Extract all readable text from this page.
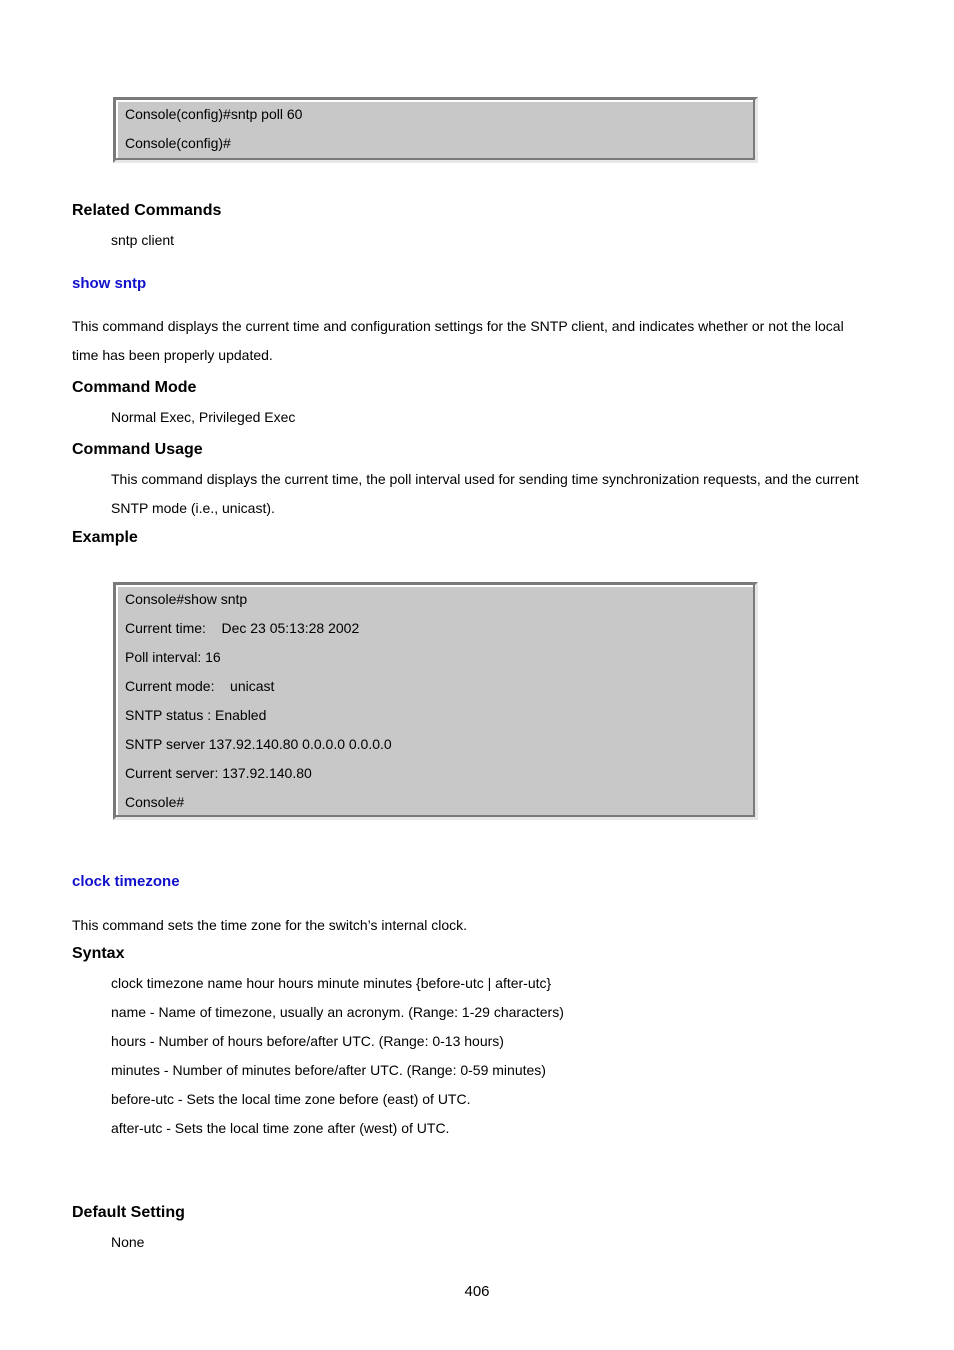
Console(config)#sntp poll 60
Console(config)#
Related Commands
sntp client
show sntp
This command displays the current time and configuration settings for the SNTP client, and indicates whether or not the local
time has been properly updated.
Command Mode
Normal Exec, Privileged Exec
Command Usage
This command displays the current time, the poll interval used for sending time synchronization requests, and the current
SNTP mode (i.e., unicast).
Example
Console#show sntp
Current time:    Dec 23 05:13:28 2002
Poll interval: 16
Current mode:    unicast
SNTP status : Enabled
SNTP server 137.92.140.80 0.0.0.0 0.0.0.0
Current server: 137.92.140.80
Console#
clock timezone
This command sets the time zone for the switch’s internal clock.
Syntax
clock timezone name hour hours minute minutes {before-utc | after-utc}
name - Name of timezone, usually an acronym. (Range: 1-29 characters)
hours - Number of hours before/after UTC. (Range: 0-13 hours)
minutes - Number of minutes before/after UTC. (Range: 0-59 minutes)
before-utc - Sets the local time zone before (east) of UTC.
after-utc - Sets the local time zone after (west) of UTC.
Default Setting
None
406
